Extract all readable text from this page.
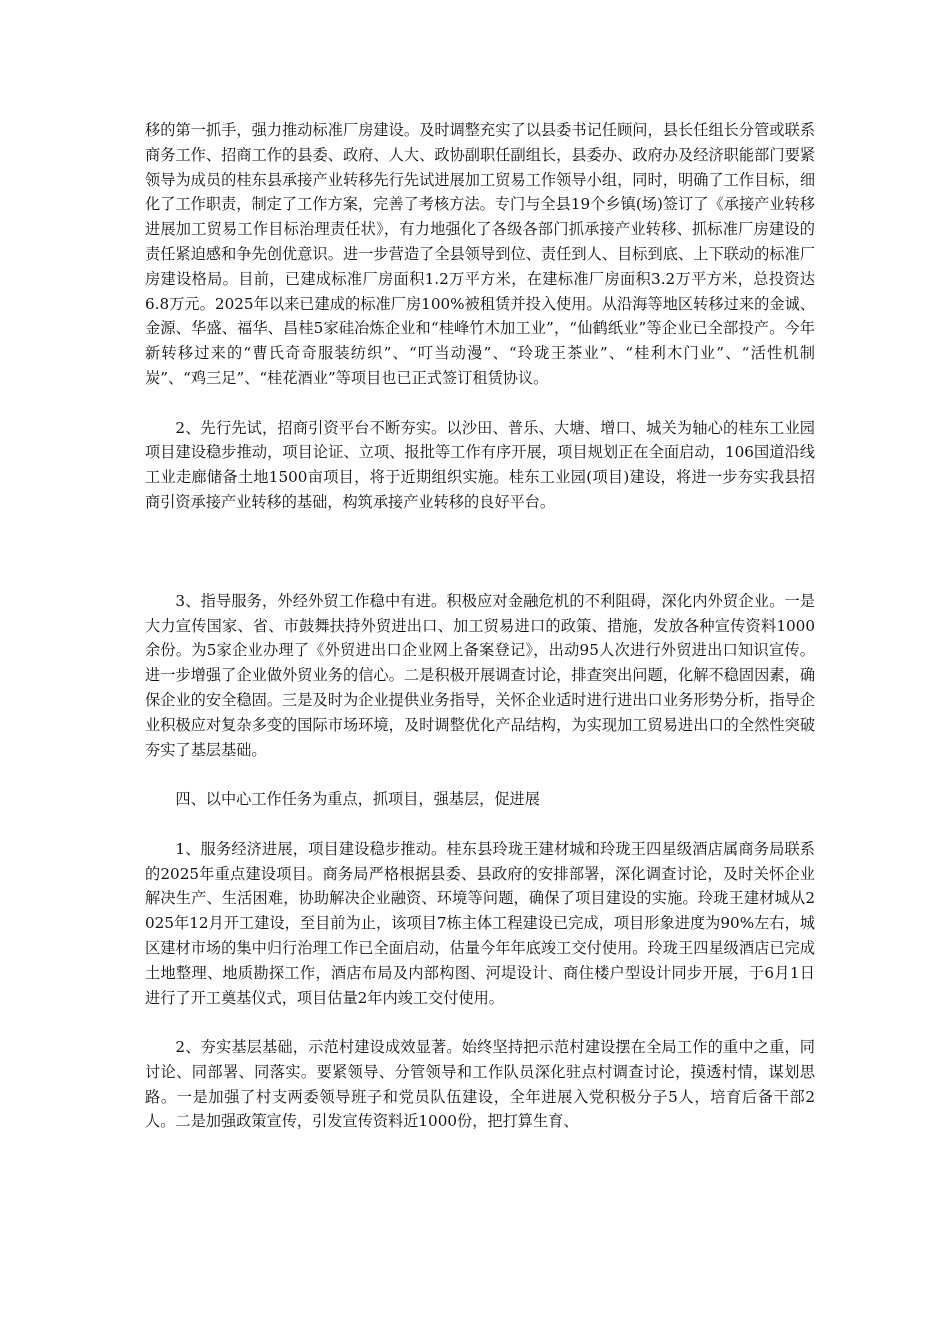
移的第一抓手，强力推动标准厂房建设。及时调整充实了以县委书记任顾问，县长任组长分管或联系商务工作、招商工作的县委、政府、人大、政协副职任副组长，县委办、政府办及经济职能部门要紧领导为成员的桂东县承接产业转移先行先试进展加工贸易工作领导小组，同时，明确了工作目标，细化了工作职责，制定了工作方案，完善了考核方法。专门与全县19个乡镇(场)签订了《承接产业转移进展加工贸易工作目标治理责任状》，有力地强化了各级各部门抓承接产业转移、抓标准厂房建设的责任紧迫感和争先创优意识。进一步营造了全县领导到位、责任到人、目标到底、上下联动的标准厂房建设格局。目前，已建成标准厂房面积1.2万平方米，在建标准厂房面积3.2万平方米，总投资达6.8万元。2025年以来已建成的标准厂房100%被租赁并投入使用。从沿海等地区转移过来的金诚、金源、华盛、福华、昌桂5家硅冶炼企业和“桂峰竹木加工业”，“仙鹤纸业”等企业已全部投产。今年新转移过来的“曹氏奇奇服装纺织”、“叮当动漫”、“玲珑王茶业”、“桂利木门业”、“活性机制炭”、“鸡三足”、“桂花酒业”等项目也已正式签订租赁协议。

2、先行先试，招商引资平台不断夯实。以沙田、普乐、大塘、增口、城关为轴心的桂东工业园项目建设稳步推动，项目论证、立项、报批等工作有序开展，项目规划正在全面启动，106国道沿线工业走廊储备土地1500亩项目，将于近期组织实施。桂东工业园(项目)建设，将进一步夯实我县招商引资承接产业转移的基础，构筑承接产业转移的良好平台。

3、指导服务，外经外贸工作稳中有进。积极应对金融危机的不利阻碍，深化内外贸企业。一是大力宣传国家、省、市鼓舞扶持外贸进出口、加工贸易进口的政策、措施，发放各种宣传资料1000余份。为5家企业办理了《外贸进出口企业网上备案登记》，出动95人次进行外贸进出口知识宣传。进一步增强了企业做外贸业务的信心。二是积极开展调查讨论，排查突出问题，化解不稳固因素，确保企业的安全稳固。三是及时为企业提供业务指导，关怀企业适时进行进出口业务形势分析，指导企业积极应对复杂多变的国际市场环境，及时调整优化产品结构，为实现加工贸易进出口的全然性突破夯实了基层基础。

四、以中心工作任务为重点，抓项目，强基层，促进展

1、服务经济进展，项目建设稳步推动。桂东县玲珑王建材城和玲珑王四星级酒店属商务局联系的2025年重点建设项目。商务局严格根据县委、县政府的安排部署，深化调查讨论，及时关怀企业解决生产、生活困难，协助解决企业融资、环境等问题，确保了项目建设的实施。玲珑王建材城从2025年12月开工建设，至目前为止，该项目7栋主体工程建设已完成，项目形象进度为90%左右，城区建材市场的集中归行治理工作已全面启动，估量今年年底竣工交付使用。玲珑王四星级酒店已完成土地整理、地质勘探工作，酒店布局及内部构图、河堤设计、商住楼户型设计同步开展，于6月1日进行了开工奠基仪式，项目估量2年内竣工交付使用。

2、夯实基层基础，示范村建设成效显著。始终坚持把示范村建设摆在全局工作的重中之重，同讨论、同部署、同落实。要紧领导、分管领导和工作队员深化驻点村调查讨论，摸透村情，谋划思路。一是加强了村支两委领导班子和党员队伍建设，全年进展入党积极分子5人，培育后备干部2人。二是加强政策宣传，引发宣传资料近1000份，把打算生育、
